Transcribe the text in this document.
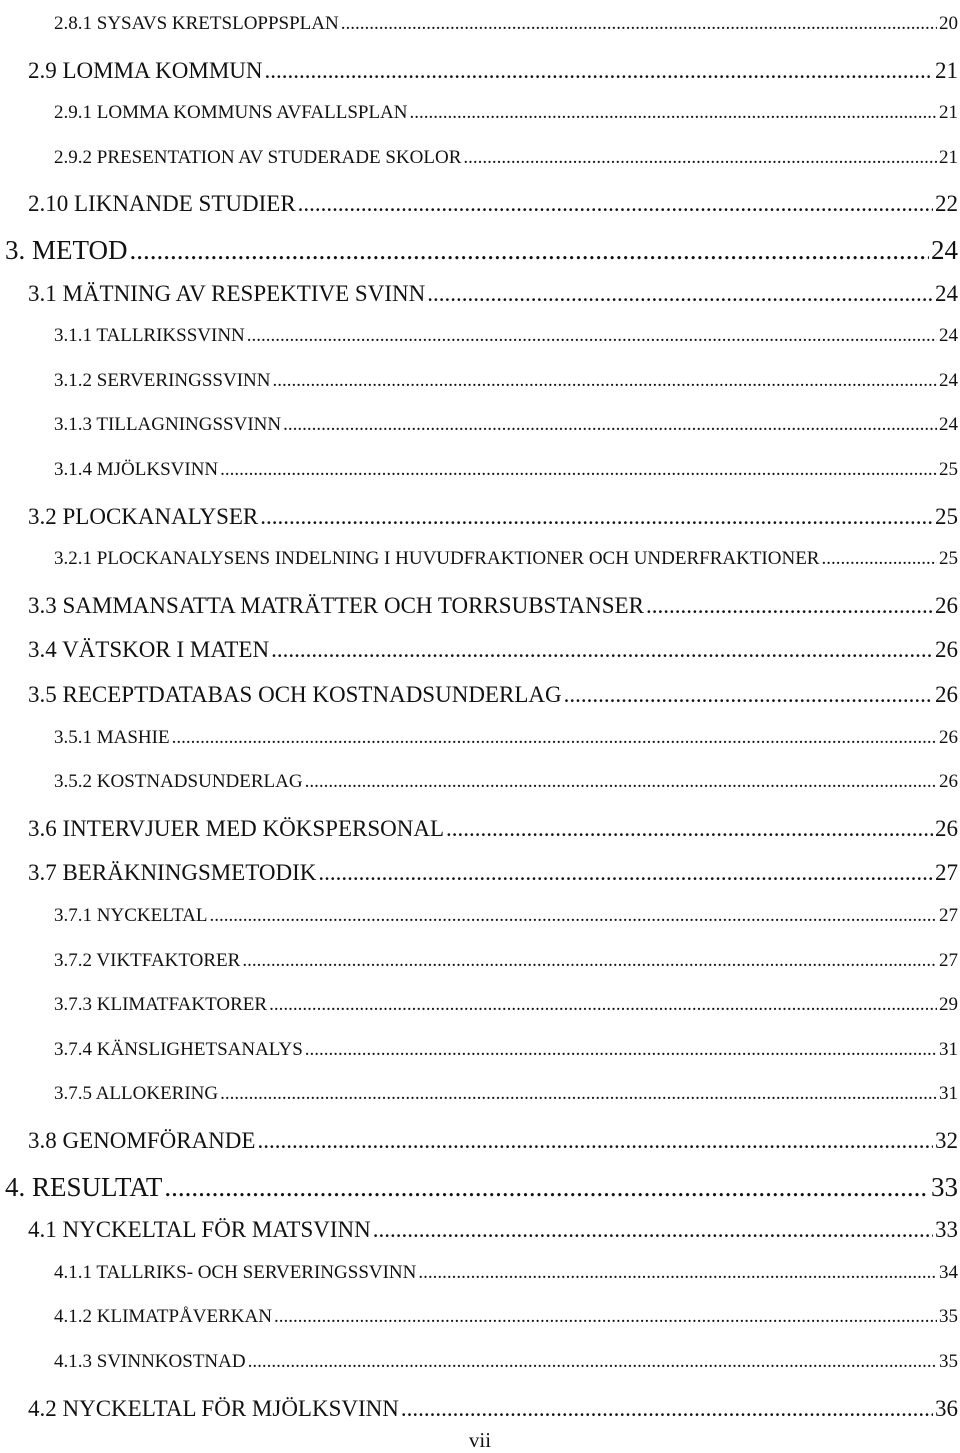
2.8.1 SYSAVS KRETSLOPPSPLAN .....	20
2.9 LOMMA KOMMUN .....	21
2.9.1 LOMMA KOMMUNS AVFALLSPLAN .....	21
2.9.2 PRESENTATION AV STUDERADE SKOLOR .....	21
2.10 LIKNANDE STUDIER .....	22
3. METOD .....	24
3.1 MÄTNING AV RESPEKTIVE SVINN .....	24
3.1.1 TALLRIKSSVINN .....	24
3.1.2 SERVERINGSSVINN .....	24
3.1.3 TILLAGNINGSSVINN .....	24
3.1.4 MJÖLKSVINN .....	25
3.2 PLOCKANALYSER .....	25
3.2.1 PLOCKANALYSENS INDELNING I HUVUDFRAKTIONER OCH UNDERFRAKTIONER .....	25
3.3 SAMMANSATTA MATRÄTTER OCH TORRSUBSTANSER .....	26
3.4 VÄTSKOR I MATEN .....	26
3.5 RECEPTDATABAS OCH KOSTNADSUNDERLAG .....	26
3.5.1 MASHIE .....	26
3.5.2 KOSTNADSUNDERLAG .....	26
3.6 INTERVJUER MED KÖKSPERSONAL .....	26
3.7 BERÄKNINGSMETODIK .....	27
3.7.1 NYCKELTAL .....	27
3.7.2 VIKTFAKTORER .....	27
3.7.3 KLIMATFAKTORER .....	29
3.7.4 KÄNSLIGHETSANALYS .....	31
3.7.5 ALLOKERING .....	31
3.8 GENOMFÖRANDE .....	32
4. RESULTAT .....	33
4.1 NYCKELTAL FÖR MATSVINN .....	33
4.1.1 TALLRIKS- OCH SERVERINGSSVINN .....	34
4.1.2 KLIMATPÅVERKAN .....	35
4.1.3 SVINNKOSTNAD .....	35
4.2 NYCKELTAL FÖR MJÖLKSVINN .....	36
vii
